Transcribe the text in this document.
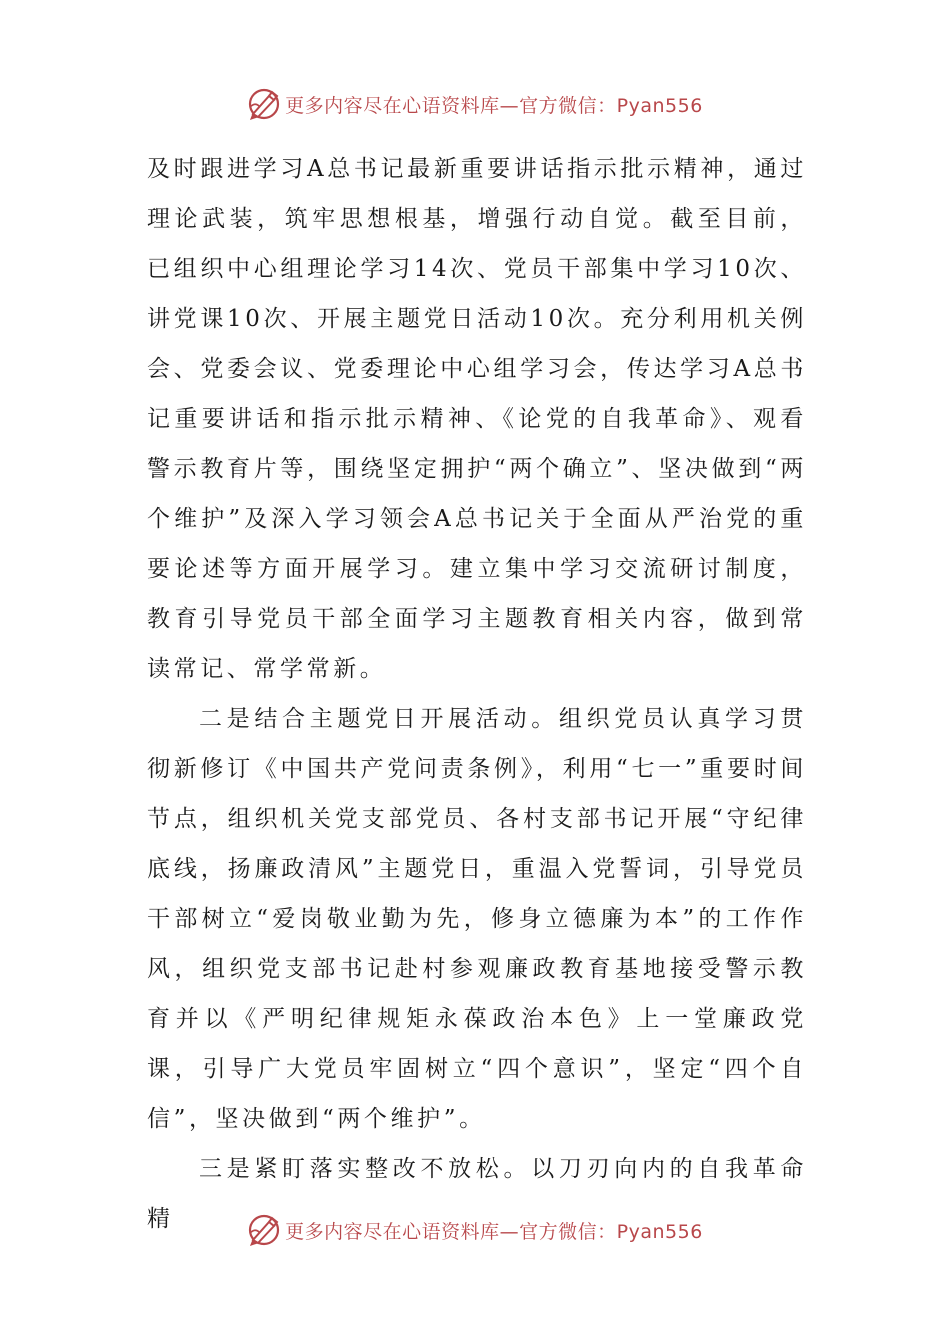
更多内容尽在心语资料库—官方微信：Pyan556

及时跟进学习A总书记最新重要讲话指示批示精神，通过理论武装，筑牢思想根基，增强行动自觉。截至目前，已组织中心组理论学习14次、党员干部集中学习10次、讲党课10次、开展主题党日活动10次。充分利用机关例会、党委会议、党委理论中心组学习会，传达学习A总书记重要讲话和指示批示精神、《论党的自我革命》、观看警示教育片等，围绕坚定拥护“两个确立”、坚决做到“两个维护”及深入学习领会A总书记关于全面从严治党的重要论述等方面开展学习。建立集中学习交流研讨制度，教育引导党员干部全面学习主题教育相关内容，做到常读常记、常学常新。

二是结合主题党日开展活动。组织党员认真学习贯彻新修订《中国共产党问责条例》，利用“七一”重要时间节点，组织机关党支部党员、各村支部书记开展“守纪律底线，扬廉政清风”主题党日，重温入党誓词，引导党员干部树立“爱岗敬业勤为先，修身立德廉为本”的工作作风，组织党支部书记赴村参观廉政教育基地接受警示教育并以《严明纪律规矩永葆政治本色》上一堂廉政党课，引导广大党员牢固树立“四个意识”，坚定“四个自信”，坚决做到“两个维护”。

三是紧盯落实整改不放松。以刀刃向内的自我革命精	更多内容尽在心语资料库—官方微信：Pyan556
